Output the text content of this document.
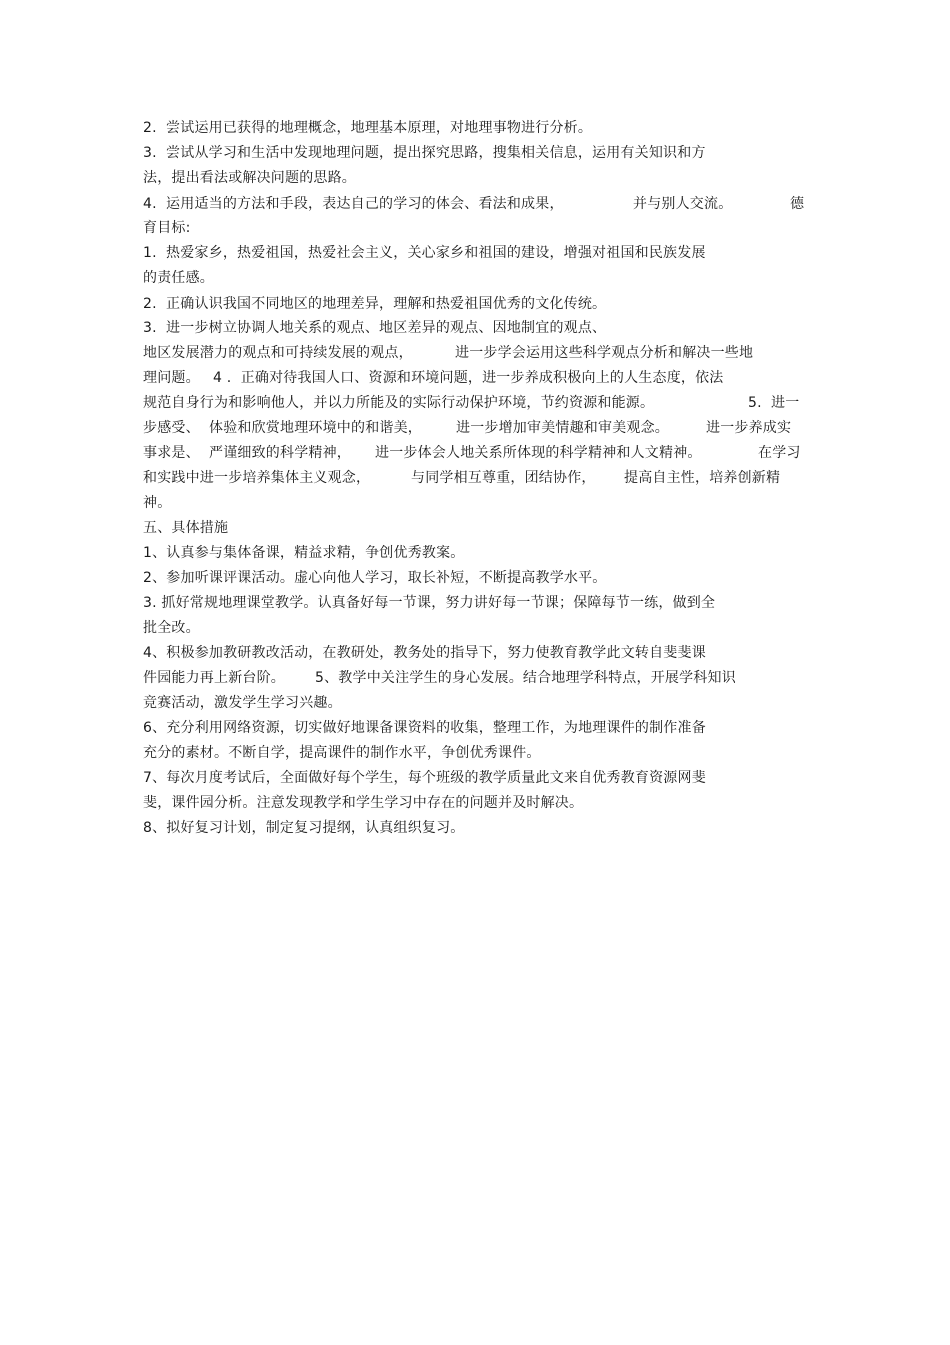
2.  尝试运用已获得的地理概念，地理基本原理，对地理事物进行分析。

3.  尝试从学习和生活中发现地理问题，提出探究思路，搜集相关信息，运用有关知识和方

法，提出看法或解决问题的思路。

4.  运用适当的方法和手段，表达自己的学习的体会、看法和成果，

	并与别人交流。

	德

育目标:

1.  热爱家乡，热爱祖国，热爱社会主义，关心家乡和祖国的建设，增强对祖国和民族发展

的责任感。

2.  正确认识我国不同地区的地理差异，理解和热爱祖国优秀的文化传统。

3.  进一步树立协调人地关系的观点、地区差异的观点、因地制宜的观点、

地区发展潜力的观点和可持续发展的观点，

	进一步学会运用这些科学观点分析和解决一些地

理问题。

4 .  正确对待我国人口、资源和环境问题，进一步养成积极向上的人生态度，依法

规范自身行为和影响他人，并以力所能及的实际行动保护环境，节约资源和能源。

	5.  进一

步感受、

体验和欣赏地理环境中的和谐美，

进一步增加审美情趣和审美观念。

	进一步养成实

事求是、

严谨细致的科学精神，

进一步体会人地关系所体现的科学精神和人文精神。

	在学习

和实践中进一步培养集体主义观念，

	与同学相互尊重，团结协作，

提高自主性，培养创新精

神。

五、具体措施

1、认真参与集体备课，精益求精，争创优秀教案。

2、参加听课评课活动。虚心向他人学习，取长补短，不断提高教学水平。

3. 抓好常规地理课堂教学。认真备好每一节课，努力讲好每一节课；保障每节一练，做到全

批全改。

4、积极参加教研教改活动，在教研处，教务处的指导下，努力使教育教学此文转自斐斐课

件园能力再上新台阶。

5、教学中关注学生的身心发展。结合地理学科特点，开展学科知识

竞赛活动，激发学生学习兴趣。

6、充分利用网络资源，切实做好地课备课资料的收集，整理工作，为地理课件的制作准备

充分的素材。不断自学，提高课件的制作水平，争创优秀课件。

7、每次月度考试后，全面做好每个学生，每个班级的教学质量此文来自优秀教育资源网斐

斐，课件园分析。注意发现教学和学生学习中存在的问题并及时解决。

8、拟好复习计划，制定复习提纲，认真组织复习。
